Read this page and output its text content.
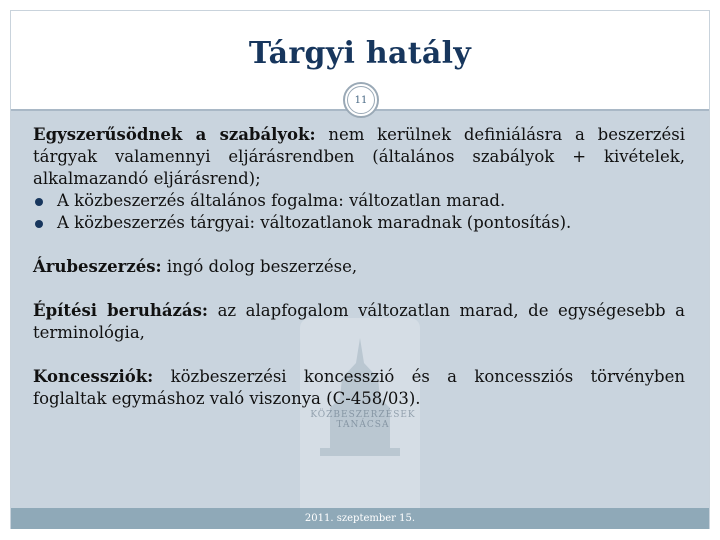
Tárgyi hatály
11
KÖZBESZERZÉSEK
TANÁCSA

Egyszerűsödnek a szabályok: nem kerülnek definiálásra a beszerzési tárgyak valamennyi eljárásrendben (általános szabályok + kivételek, alkalmazandó eljárásrend);

A közbeszerzés általános fogalma: változatlan marad.
A közbeszerzés tárgyai: változatlanok maradnak (pontosítás).

Árubeszerzés: ingó dolog beszerzése,

Építési beruházás: az alapfogalom változatlan marad, de egységesebb a terminológia,

Koncessziók: közbeszerzési koncesszió és a koncessziós törvényben foglaltak egymáshoz való viszonya (C-458/03).

2011. szeptember 15.
